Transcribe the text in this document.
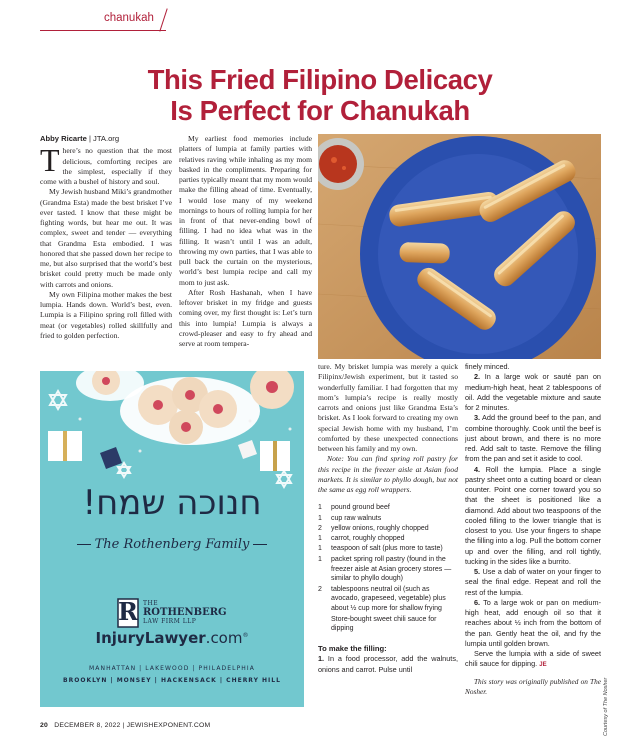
chanukah
This Fried Filipino Delicacy
Is Perfect for Chanukah
Abby Ricarte | JTA.org

There’s no question that the most delicious, comforting recipes are the simplest, especially if they come with a bushel of history and soul.

My Jewish husband Miki’s grandmother (Grandma Esta) made the best brisket I’ve ever tasted. I know that these might be fighting words, but hear me out. It was complex, sweet and tender — everything that Grandma Esta embodied. I was honored that she passed down her recipe to me, but also surprised that the world’s best brisket could pretty much be made only with carrots and onions.

My own Filipina mother makes the best lumpia. Hands down. World’s best, even. Lumpia is a Filipino spring roll filled with meat (or vegetables) rolled skillfully and fried to golden perfection.

My earliest food memories include platters of lumpia at family parties with relatives raving while inhaling as my mom basked in the compliments. Preparing for parties typically meant that my mom would make the filling ahead of time. Eventually, I would lose many of my weekend mornings to hours of rolling lumpia for her in front of that never-ending bowl of filling. I had no idea what was in the filling. It wasn’t until I was an adult, throwing my own parties, that I was able to pull back the curtain on the mysterious, world’s best lumpia recipe and call my mom to just ask.

After Rosh Hashanah, when I have leftover brisket in my fridge and guests coming over, my first thought is: Let’s turn this into lumpia! Lumpia is always a crowd-pleaser and easy to fry ahead and serve at room tempera-

חנוכה שמח!
The Rothenberg Family
R THE
ROTHENBERG
LAW FIRM LLP
InjuryLawyer.com®
MANHATTAN | LAKEWOOD | PHILADELPHIA
BROOKLYN | MONSEY | HACKENSACK | CHERRY HILL

ture. My brisket lumpia was merely a quick Filipinx/Jewish experiment, but it tasted so wonderfully familiar. I had forgotten that my mom’s lumpia’s recipe is really mostly carrots and onions just like Grandma Esta’s brisket. As I look forward to creating my own special Jewish home with my husband, I’m comforted by these unexpected connections between his family and my own.

Note: You can find spring roll pastry for this recipe in the freezer aisle at Asian food markets. It is similar to phyllo dough, but not the same as egg roll wrappers.

1	pound ground beef
1	cup raw walnuts
2	yellow onions, roughly chopped
1	carrot, roughly chopped
1	teaspoon of salt (plus more to taste)
1	packet spring roll pastry (found in the freezer aisle at Asian grocery stores — similar to phyllo dough)
2	tablespoons neutral oil (such as avocado, grapeseed, vegetable) plus about ½ cup more for shallow frying
Store-bought sweet chili sauce for dipping
To make the filling:

1. In a food processor, add the walnuts, onions and carrot. Pulse until

finely minced.

2. In a large wok or sauté pan on medium-high heat, heat 2 tablespoons of oil. Add the vegetable mixture and saute for 2 minutes.

3. Add the ground beef to the pan, and combine thoroughly. Cook until the beef is just about brown, and there is no more red. Add salt to taste. Remove the filling from the pan and set it aside to cool.

4. Roll the lumpia. Place a single pastry sheet onto a cutting board or clean counter. Point one corner toward you so that the sheet is positioned like a diamond. Add about two teaspoons of the cooled filling to the lower triangle that is closest to you. Use your fingers to shape the filling into a log. Pull the bottom corner up and over the filling, and roll tightly, tucking in the sides like a burrito.

5. Use a dab of water on your finger to seal the final edge. Repeat and roll the rest of the lumpia.

6. To a large wok or pan on medium-high heat, add enough oil so that it reaches about ½ inch from the bottom of the pan. Gently heat the oil, and fry the lumpia until golden brown.

Serve the lumpia with a side of sweet chili sauce for dipping. JE

This story was originally published on The Nosher.	Courtesy of The Nosher
20 DECEMBER 8, 2022 | JEWISHEXPONENT.COM
